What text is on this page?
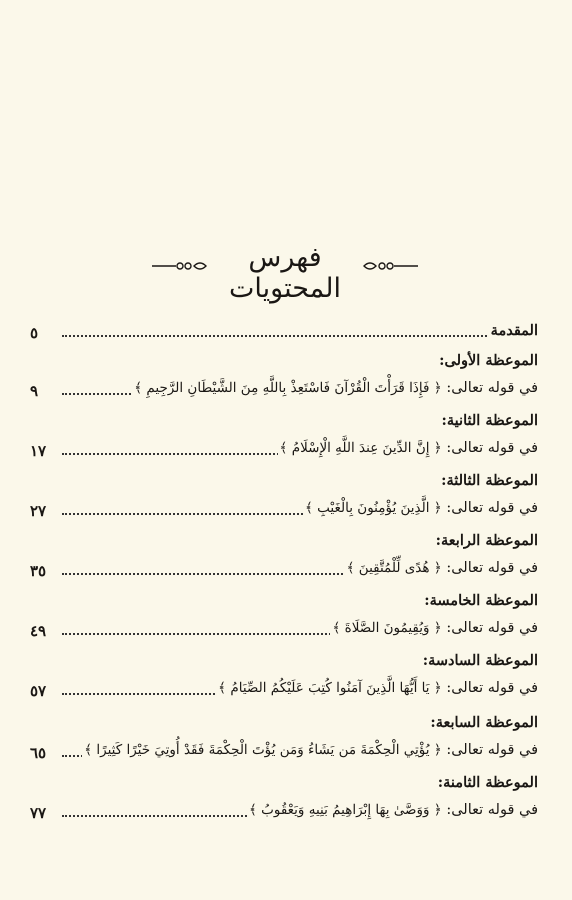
فهرس المحتويات
المقدمة
٥
الموعظة الأولى:
في قوله تعالى: ﴿ فَإِذَا قَرَأْتَ الْقُرْآنَ فَاسْتَعِذْ بِاللَّهِ مِنَ الشَّيْطَانِ الرَّجِيمِ ﴾
٩
الموعظة الثانية:
في قوله تعالى: ﴿ إِنَّ الدِّينَ عِندَ اللَّهِ الْإِسْلَامُ ﴾
١٧
الموعظة الثالثة:
في قوله تعالى: ﴿ الَّذِينَ يُؤْمِنُونَ بِالْغَيْبِ ﴾
٢٧
الموعظة الرابعة:
في قوله تعالى: ﴿ هُدًى لِّلْمُتَّقِينَ ﴾
٣٥
الموعظة الخامسة:
في قوله تعالى: ﴿ وَيُقِيمُونَ الصَّلَاةَ ﴾
٤٩
الموعظة السادسة:
في قوله تعالى: ﴿ يَا أَيُّهَا الَّذِينَ آمَنُوا كُتِبَ عَلَيْكُمُ الصِّيَامُ ﴾
٥٧
الموعظة السابعة:
في قوله تعالى: ﴿ يُؤْتِي الْحِكْمَةَ مَن يَشَاءُ وَمَن يُؤْتَ الْحِكْمَةَ فَقَدْ أُوتِيَ خَيْرًا كَثِيرًا ﴾
٦٥
الموعظة الثامنة:
في قوله تعالى: ﴿ وَوَصَّىٰ بِهَا إِبْرَاهِيمُ بَنِيهِ وَيَعْقُوبُ ﴾
٧٧
